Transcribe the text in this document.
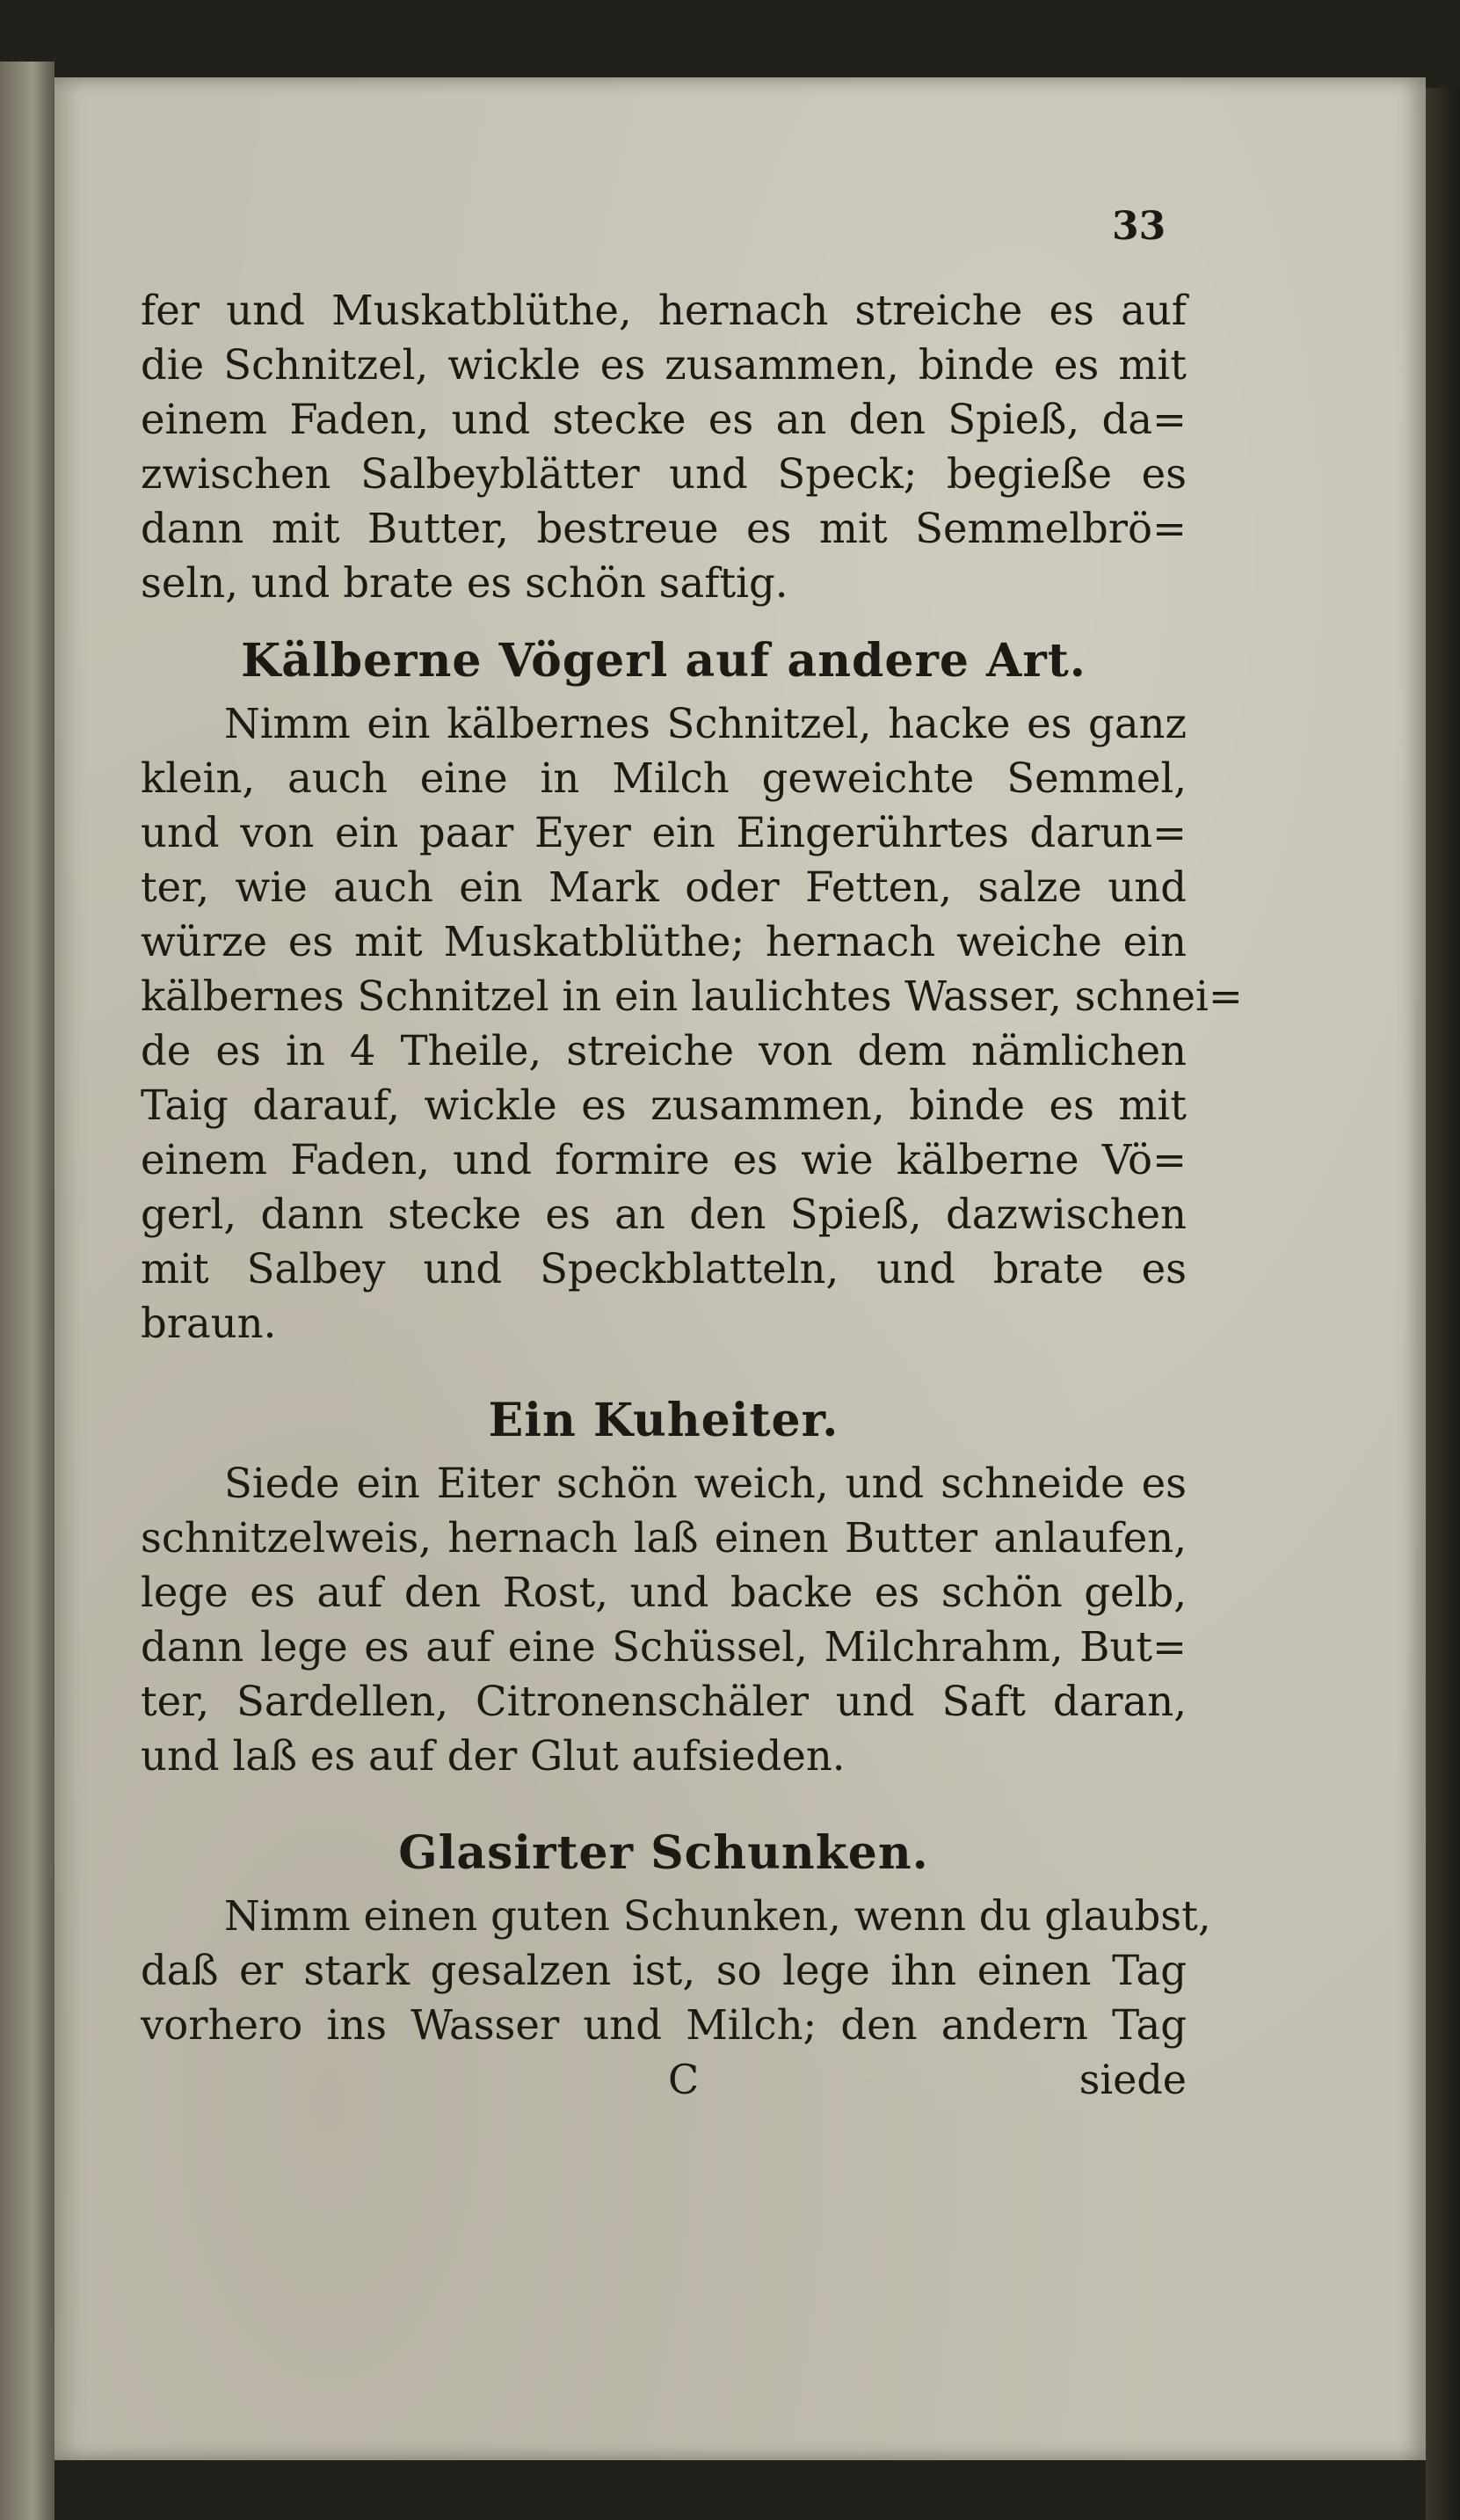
33
fer und Muskatblüthe, hernach streiche es auf
die Schnitzel, wickle es zusammen, binde es mit
einem Faden, und stecke es an den Spieß, da=
zwischen Salbeyblätter und Speck; begieße es
dann mit Butter, bestreue es mit Semmelbrö=
seln, und brate es schön saftig.
Kälberne Vögerl auf andere Art.
Nimm ein kälbernes Schnitzel, hacke es ganz
klein, auch eine in Milch geweichte Semmel,
und von ein paar Eyer ein Eingerührtes darun=
ter, wie auch ein Mark oder Fetten, salze und
würze es mit Muskatblüthe; hernach weiche ein
kälbernes Schnitzel in ein laulichtes Wasser, schnei=
de es in 4 Theile, streiche von dem nämlichen
Taig darauf, wickle es zusammen, binde es mit
einem Faden, und formire es wie kälberne Vö=
gerl, dann stecke es an den Spieß, dazwischen
mit Salbey und Speckblatteln, und brate es
braun.
Ein Kuheiter.
Siede ein Eiter schön weich, und schneide es
schnitzelweis, hernach laß einen Butter anlaufen,
lege es auf den Rost, und backe es schön gelb,
dann lege es auf eine Schüssel, Milchrahm, But=
ter, Sardellen, Citronenschäler und Saft daran,
und laß es auf der Glut aufsieden.
Glasirter Schunken.
Nimm einen guten Schunken, wenn du glaubst,
daß er stark gesalzen ist, so lege ihn einen Tag
vorhero ins Wasser und Milch; den andern Tag
C	siede
